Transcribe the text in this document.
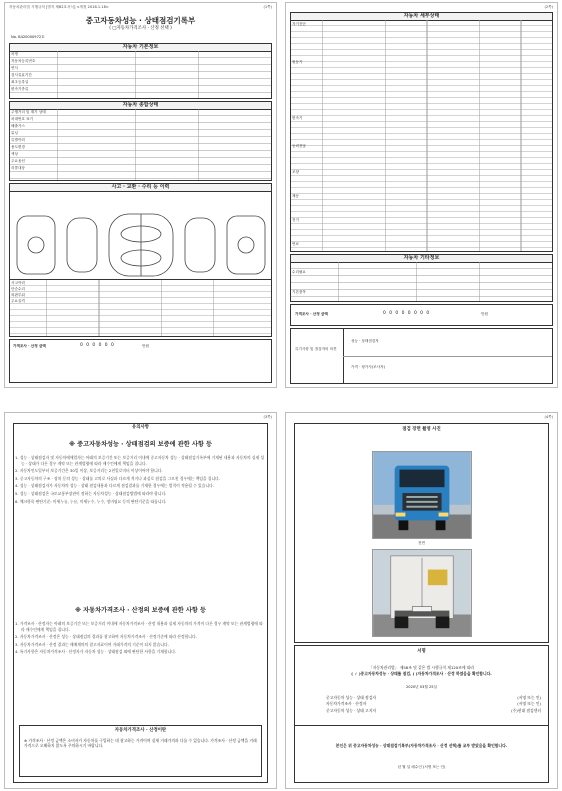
자동차관리법 시행규칙 [별지 제82호서식] <개정 2018.1.18>	(1쪽)
중고자동차성능 · 상태점검기록부
( □자동차가격조사 · 산정 선택 )
No. B420000972호
자동차 기본정보
차명
자동차등록번호
연식
검사유효기간
최초등록일
변속기종류
자동차 종합상태
주행거리 및 계기 상태
차대번호 표기
배출가스
튜닝
특별이력
용도변경
색상
주요옵션
리콜대상
사고 · 교환 · 수리 등 이력
사고이력
단순수리
외판부위
주요골격
가격조사 · 산정 금액	0 0 0 0 0 0	만원
(2쪽)
자동차 세부상태
자기진단
원동기
변속기
동력전달
조향
제동
전기
연료
자동차 기타정보
수리필요
기본품목
가격조사 · 산정 금액	0 0 0 0 0 0 0 0	만원
특기사항 및 점검자의 의견
성능 · 상태점검자
가격 · 평가사(조사자)
(3쪽)
유의사항
※ 중고자동차성능 · 상태점검의 보증에 관한 사항 등

1. 성능 · 상태점검자 및 자동차매매업자는 아래의 보증기간 또는 보증거리 이내에 중고자동차 성능 · 상태점검기록부에 기재된 내용과 자동차의 실제 성능 · 상태가 다른 경우 계약 또는 관계법령에 따라 매수인에게 책임을 집니다.

2. 자동차인도일부터 보증기간은 30일 이상, 보증거리는 2천킬로미터 이상이어야 합니다.

3. 중고자동차의 구조 · 장치 등의 성능 · 상태를 고의로 사실과 다르게 적거나 과실로 점검을 그르친 경우에는 책임을 집니다.

4. 성능 · 상태점검자가 자동차의 성능 · 상태 점검내용과 다르게 점검결과를 기재한 경우에는 벌칙이 적용될 수 있습니다.

5. 성능 · 상태점검은 국토교통부장관이 정하는 자동차성능 · 상태점검방법에 따라야 합니다.

6. 체크항목 판단기준: 미세누유, 누유, 미세누수, 누수, 정비필요 등의 판단기준을 따릅니다.

※ 자동차가격조사 · 산정의 보증에 관한 사항 등

1. 가격조사 · 산정자는 아래의 보증기간 또는 보증거리 이내에 자동차가격조사 · 산정 내용과 실제 자동차의 가격이 다른 경우 계약 또는 관계법령에 따라 매수인에게 책임을 집니다.

2. 자동차가격조사 · 산정은 성능 · 상태점검의 결과를 참고하여 자동차가격조사 · 산정기준에 따라 산정합니다.

3. 자동차가격조사 · 산정 결과는 매매계약의 참고자료이며 거래가격의 기준이 되지 않습니다.

4. 특기사항은 자동차가격조사 · 산정자가 자동차 성능 · 상태점검 외에 판단한 사항을 기재합니다.

자동차가격조사 · 산정이란
※ 가격조사 · 산정 금액은 소비자가 자동차를 구입하는 데 참고하는 가격이며 실제 거래가격과 다를 수 있습니다. 가격조사 · 산정 금액을 거래가격으로 오해하지 않도록 주의하시기 바랍니다.
(4쪽)
점검 장면 촬영 사진
전면
서명
「자동차관리법」 제58조 및 같은 법 시행규칙 제120조에 따라
( ✓ )중고자동차성능 · 상태를 점검, ( )자동차가격조사 · 산정 하였음을 확인합니다.
2020년 03월 25일
중고자동차 성능 · 상태 점검자	(서명 또는 인)
자동차가격조사 · 산정자	(서명 또는 인)
중고자동차 성능 · 상태 고지자	(주)현대 점검센터
본인은 위 중고자동차성능 · 상태점검기록부(자동차가격조사 · 산정 선택)를 교부 받았음을 확인합니다.
년 월 일 매수인 (서명 또는 인)
